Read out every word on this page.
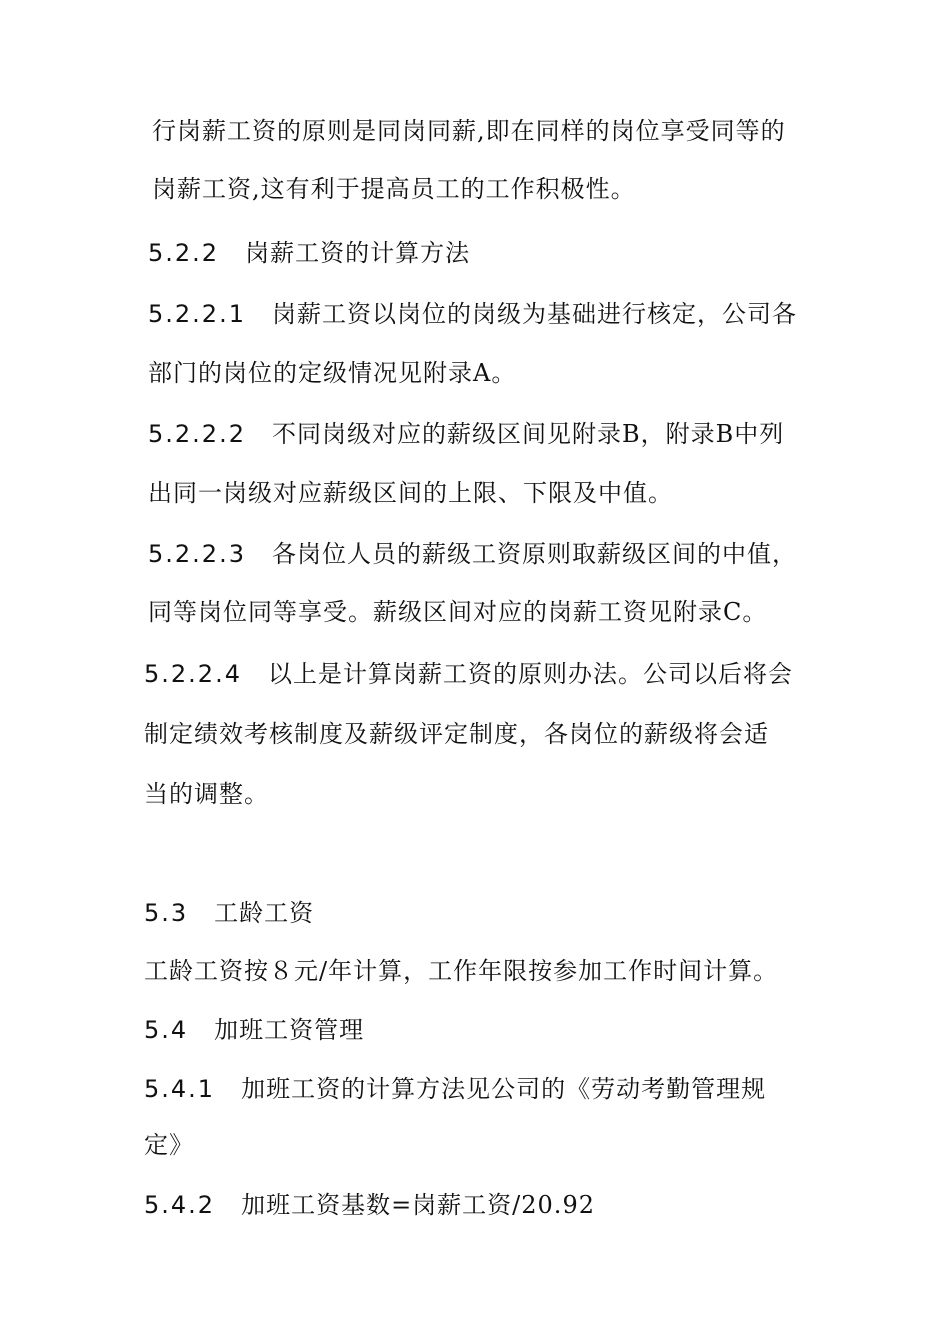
行岗薪工资的原则是同岗同薪,即在同样的岗位享受同等的
岗薪工资,这有利于提高员工的工作积极性。
5.2.2 岗薪工资的计算方法
5.2.2.1 岗薪工资以岗位的岗级为基础进行核定，公司各
部门的岗位的定级情况见附录A。
5.2.2.2 不同岗级对应的薪级区间见附录B，附录B中列
出同一岗级对应薪级区间的上限、下限及中值。
5.2.2.3 各岗位人员的薪级工资原则取薪级区间的中值，
同等岗位同等享受。薪级区间对应的岗薪工资见附录C。
5.2.2.4 以上是计算岗薪工资的原则办法。公司以后将会
制定绩效考核制度及薪级评定制度，各岗位的薪级将会适
当的调整。
5.3 工龄工资
工龄工资按８元/年计算，工作年限按参加工作时间计算。
5.4 加班工资管理
5.4.1 加班工资的计算方法见公司的《劳动考勤管理规
定》
5.4.2 加班工资基数=岗薪工资/20.92
